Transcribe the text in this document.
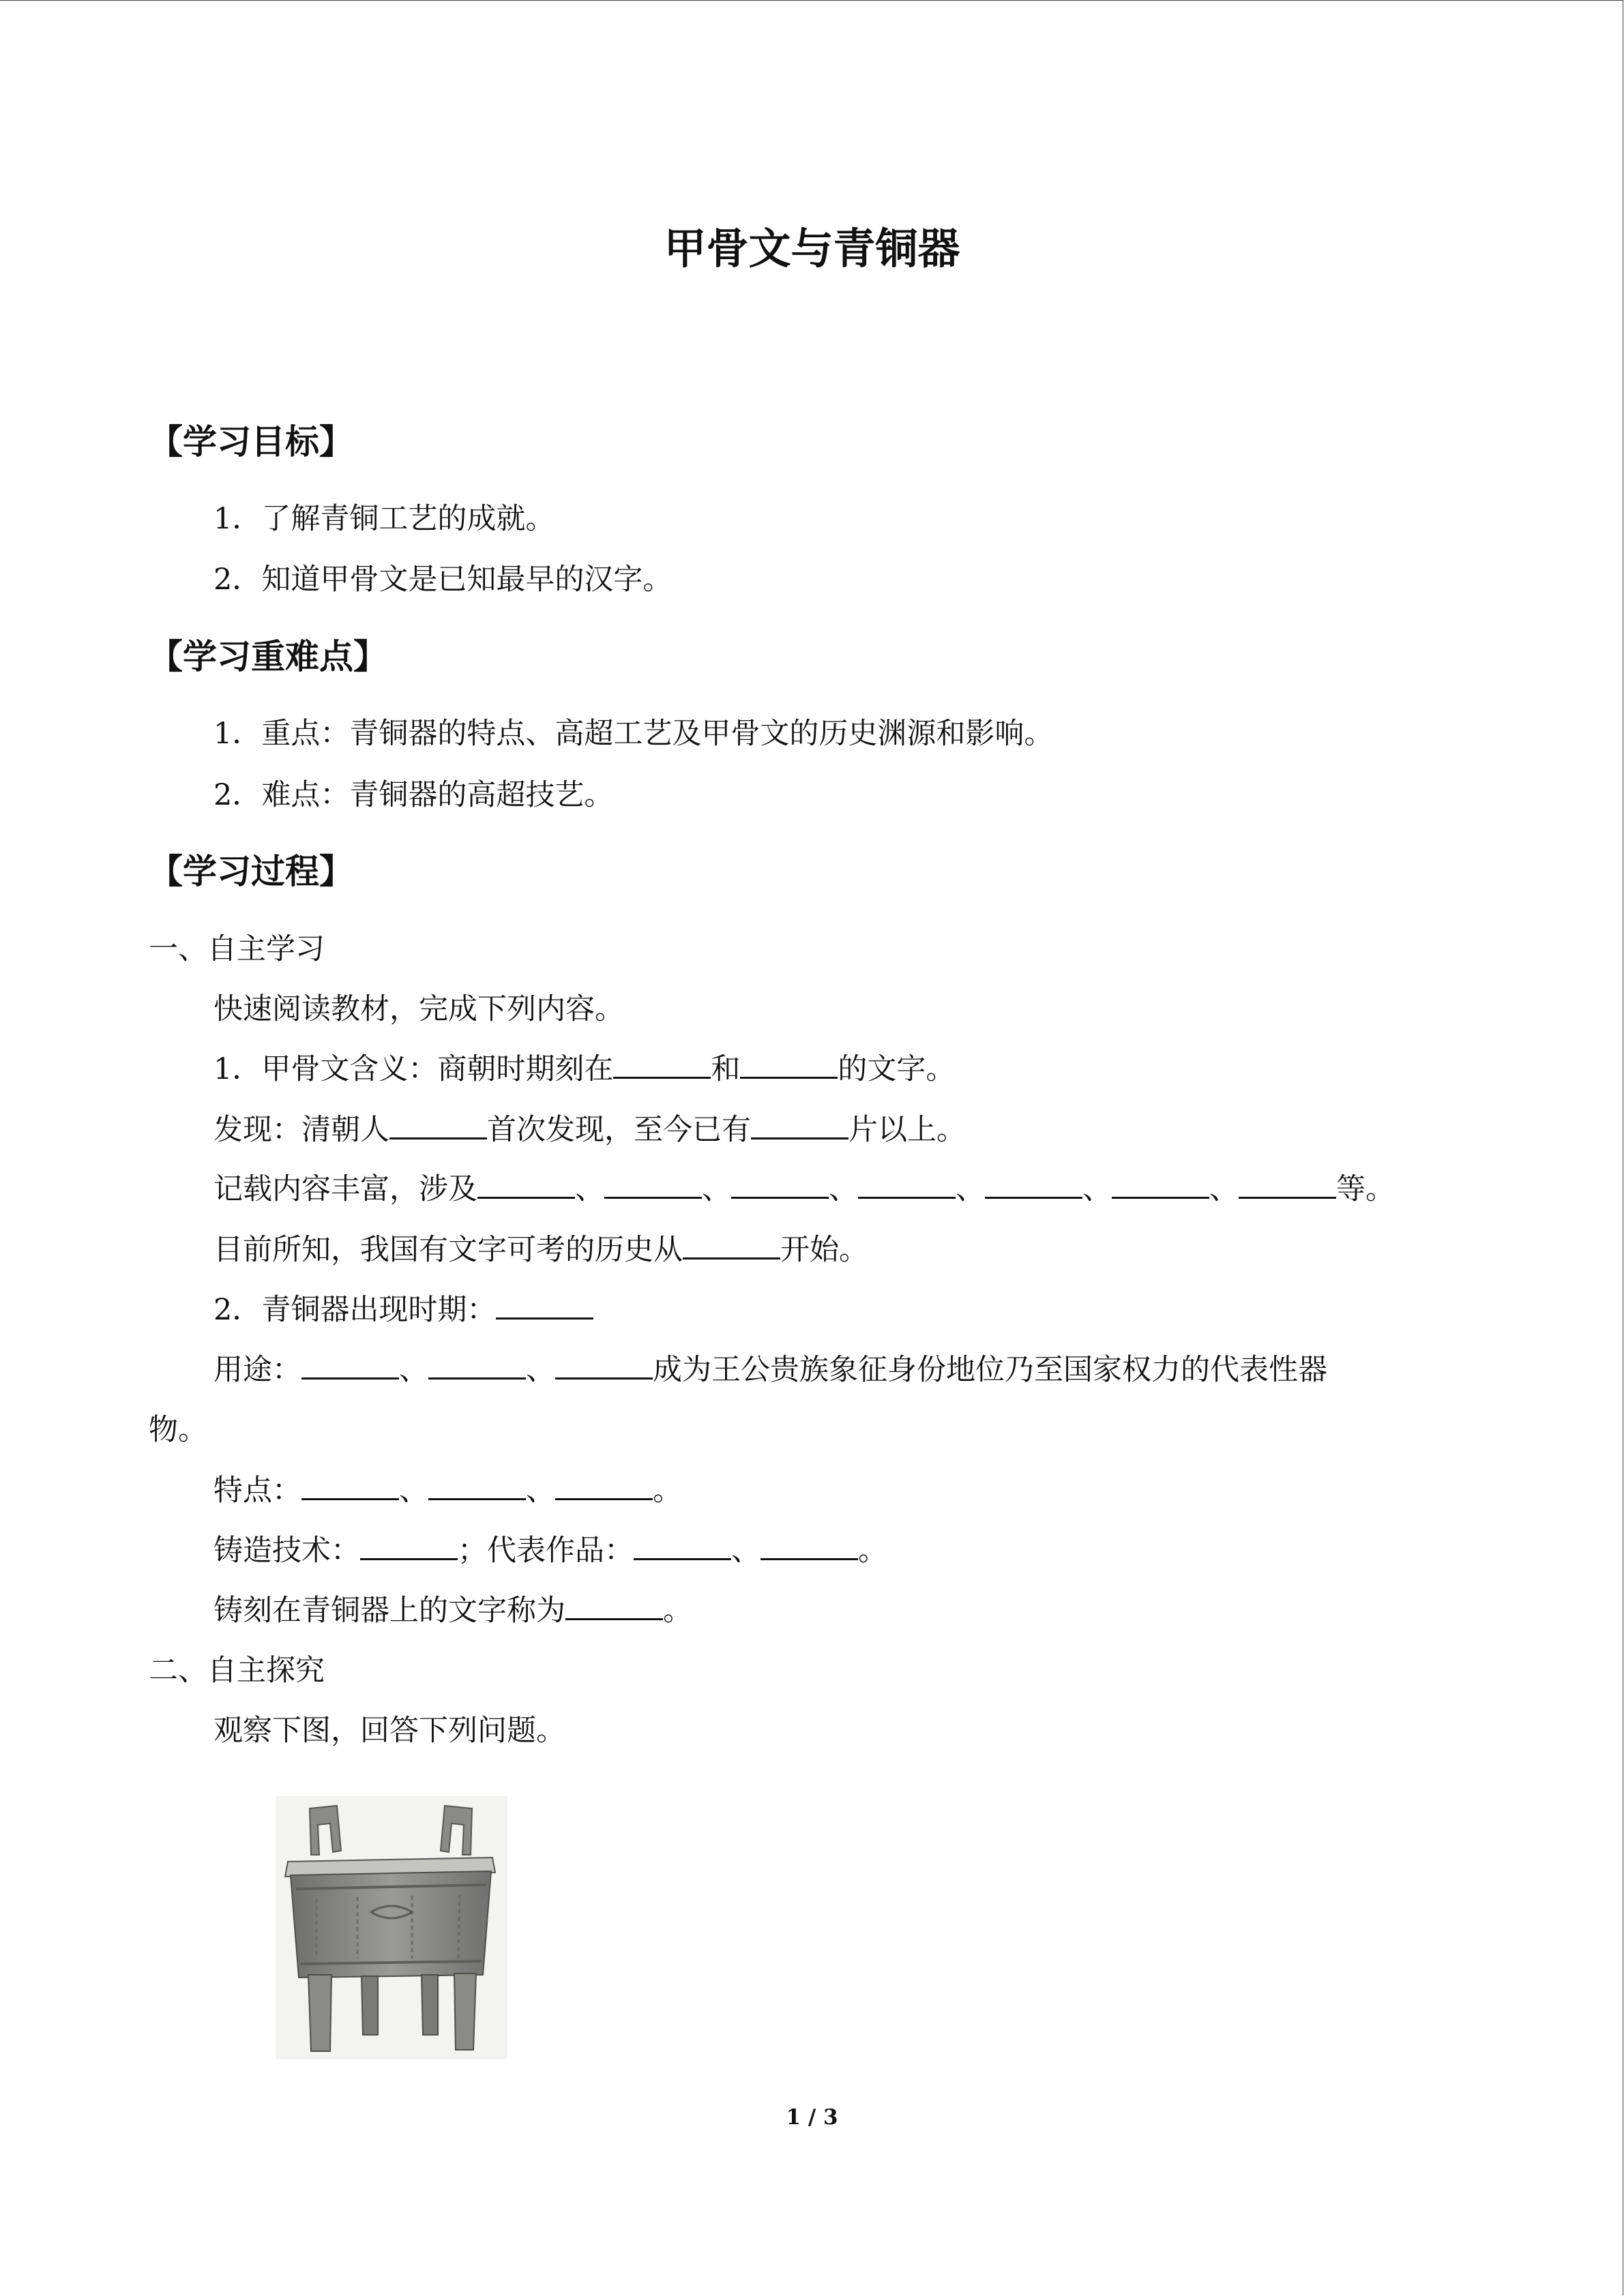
甲骨文与青铜器
【学习目标】
1．了解青铜工艺的成就。
2．知道甲骨文是已知最早的汉字。
【学习重难点】
1．重点：青铜器的特点、高超工艺及甲骨文的历史渊源和影响。
2．难点：青铜器的高超技艺。
【学习过程】
一、自主学习
快速阅读教材，完成下列内容。
1．甲骨文含义：商朝时期刻在	和	的文字。
发现：清朝人	首次发现，至今已有	片以上。
记载内容丰富，涉及	、	、	、	、	、	、	等。
目前所知，我国有文字可考的历史从	开始。
2．青铜器出现时期：
用途：	、	、	成为王公贵族象征身份地位乃至国家权力的代表性器
物。
特点：	、	、	。
铸造技术：	；代表作品：	、	。
铸刻在青铜器上的文字称为	。
二、自主探究
观察下图，回答下列问题。
1 / 3
